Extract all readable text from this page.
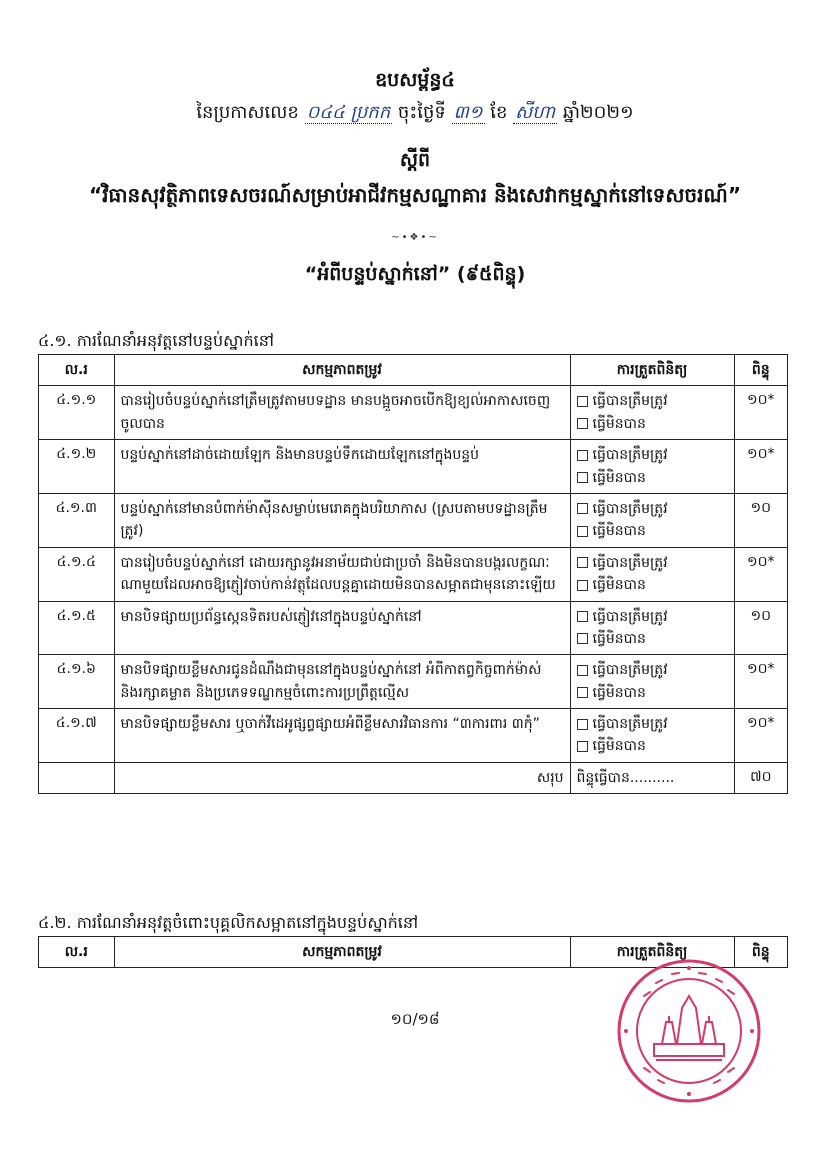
ឧបសម្ព័ន្ធ៤
នៃប្រកាសលេខ ០៤៤ ប្រកក ចុះថ្ងៃទី ៣១ ខែ សីហា ឆ្នាំ២០២១
ស្តីពី
“វិធានសុវត្ថិភាពទេសចរណ៍សម្រាប់អាជីវកម្មសណ្ឋាគារ និងសេវាកម្មស្នាក់នៅទេសចរណ៍”
~•❖•~
“អំពីបន្ទប់ស្នាក់នៅ” (៩៥ពិន្ទុ)
៤.១. ការណែនាំអនុវត្តនៅបន្ទប់ស្នាក់នៅ
ល.រ	សកម្មភាពតម្រូវ	ការត្រួតពិនិត្យ	ពិន្ទុ
៤.១.១	បានរៀបចំបន្ទប់ស្នាក់នៅត្រឹមត្រូវតាមបទដ្ឋាន មានបង្អួចអាចបើកឱ្យខ្យល់អាកាសចេញចូលបាន	ធ្វើបានត្រឹមត្រូវ
ធ្វើមិនបាន	១០*
៤.១.២	បន្ទប់ស្នាក់នៅដាច់ដោយឡែក និងមានបន្ទប់ទឹកដោយឡែកនៅក្នុងបន្ទប់	ធ្វើបានត្រឹមត្រូវ
ធ្វើមិនបាន	១០*
៤.១.៣	បន្ទប់ស្នាក់នៅមានបំពាក់ម៉ាស៊ីនសម្លាប់មេរោគក្នុងបរិយាកាស (ស្របតាមបទដ្ឋានត្រឹមត្រូវ)	ធ្វើបានត្រឹមត្រូវ
ធ្វើមិនបាន	១០
៤.១.៤	បានរៀបចំបន្ទប់ស្នាក់នៅ ដោយរក្សានូវអនាម័យជាប់ជាប្រចាំ និងមិនបានបង្ករលក្ខណៈណាមួយដែលអាចឱ្យភ្ញៀវចាប់កាន់វត្ថុដែលបន្តគ្នាដោយមិនបានសម្អាតជាមុននោះឡើយ	ធ្វើបានត្រឹមត្រូវ
ធ្វើមិនបាន	១០*
៤.១.៥	មានបិទផ្សាយប្រព័ន្ធស្កេនទិតរបស់ភ្ញៀវនៅក្នុងបន្ទប់ស្នាក់នៅ	ធ្វើបានត្រឹមត្រូវ
ធ្វើមិនបាន	១០
៤.១.៦	មានបិទផ្សាយខ្លឹមសារជូនដំណឹងជាមុននៅក្នុងបន្ទប់ស្នាក់នៅ អំពីកាតព្វកិច្ចពាក់ម៉ាស់ និងរក្សាគម្លាត និងប្រភេទទណ្ឌកម្មចំពោះការប្រព្រឹត្តល្មើស	ធ្វើបានត្រឹមត្រូវ
ធ្វើមិនបាន	១០*
៤.១.៧	មានបិទផ្សាយខ្លឹមសារ ឬចាក់វីដេអូផ្សព្វផ្សាយអំពីខ្លឹមសារវិធានការ “៣ការពារ ៣កុំ”	ធ្វើបានត្រឹមត្រូវ
ធ្វើមិនបាន	១០*
	សរុប	ពិន្ទុធ្វើបាន..........	៧០
៤.២. ការណែនាំអនុវត្តចំពោះបុគ្គលិកសម្អាតនៅក្នុងបន្ទប់ស្នាក់នៅ
ល.រ	សកម្មភាពតម្រូវ	ការត្រួតពិនិត្យ	ពិន្ទុ
១០/១៨
